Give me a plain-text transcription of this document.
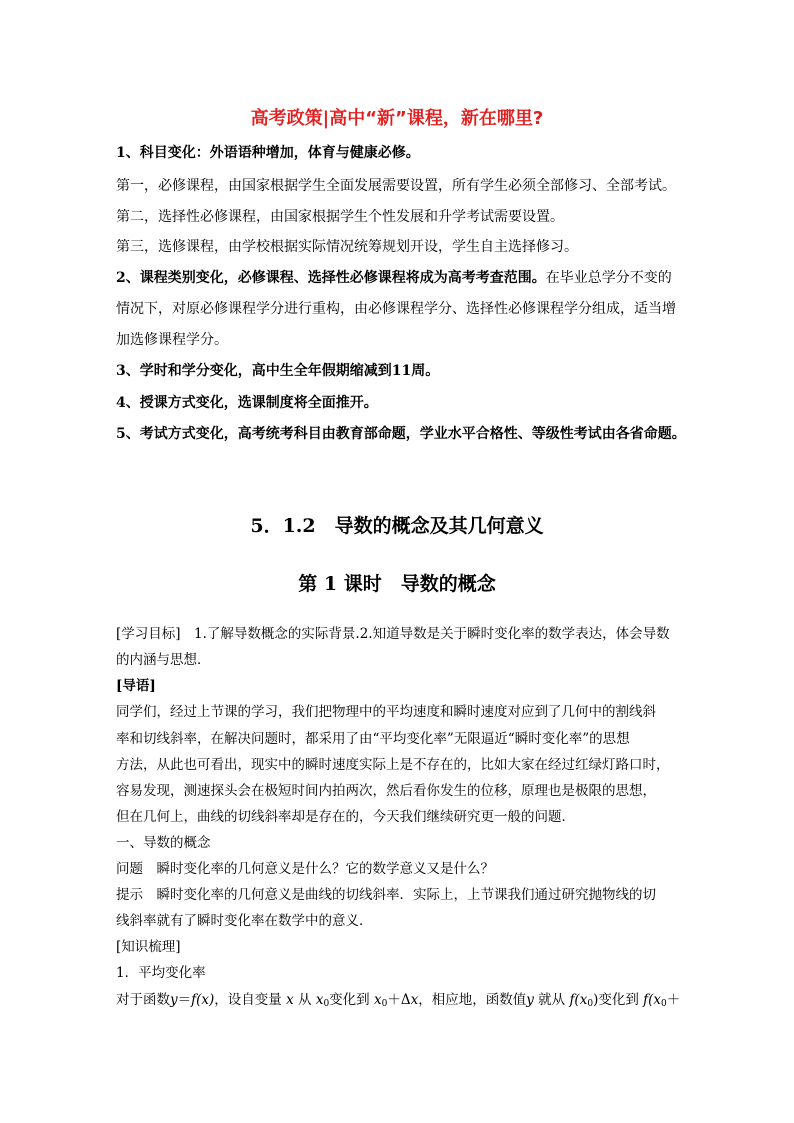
高考政策|高中“新”课程，新在哪里?
1、科目变化：外语语种增加，体育与健康必修。
第一，必修课程，由国家根据学生全面发展需要设置，所有学生必须全部修习、全部考试。
第二，选择性必修课程，由国家根据学生个性发展和升学考试需要设置。
第三，选修课程，由学校根据实际情况统筹规划开设，学生自主选择修习。
2、课程类别变化，必修课程、选择性必修课程将成为高考考查范围。在毕业总学分不变的
情况下，对原必修课程学分进行重构，由必修课程学分、选择性必修课程学分组成，适当增
加选修课程学分。
3、学时和学分变化，高中生全年假期缩减到11周。
4、授课方式变化，选课制度将全面推开。
5、考试方式变化，高考统考科目由教育部命题，学业水平合格性、等级性考试由各省命题。
5．1.2　导数的概念及其几何意义
第 1 课时　导数的概念
[学习目标]　1.了解导数概念的实际背景.2.知道导数是关于瞬时变化率的数学表达，体会导数
的内涵与思想．
[导语]
同学们，经过上节课的学习，我们把物理中的平均速度和瞬时速度对应到了几何中的割线斜
率和切线斜率，在解决问题时，都采用了由“平均变化率”无限逼近“瞬时变化率”的思想
方法，从此也可看出，现实中的瞬时速度实际上是不存在的，比如大家在经过红绿灯路口时，
容易发现，测速探头会在极短时间内拍两次，然后看你发生的位移，原理也是极限的思想，
但在几何上，曲线的切线斜率却是存在的，今天我们继续研究更一般的问题．
一、导数的概念
问题　瞬时变化率的几何意义是什么？它的数学意义又是什么？
提示　瞬时变化率的几何意义是曲线的切线斜率．实际上，上节课我们通过研究抛物线的切
线斜率就有了瞬时变化率在数学中的意义．
[知识梳理]
1．平均变化率
对于函数y＝f(x)，设自变量 x 从 $x_0$变化到 $x_0+\Delta x$，相应地，函数值y 就从 $f(x_0)$变化到 $f(x_0+$
